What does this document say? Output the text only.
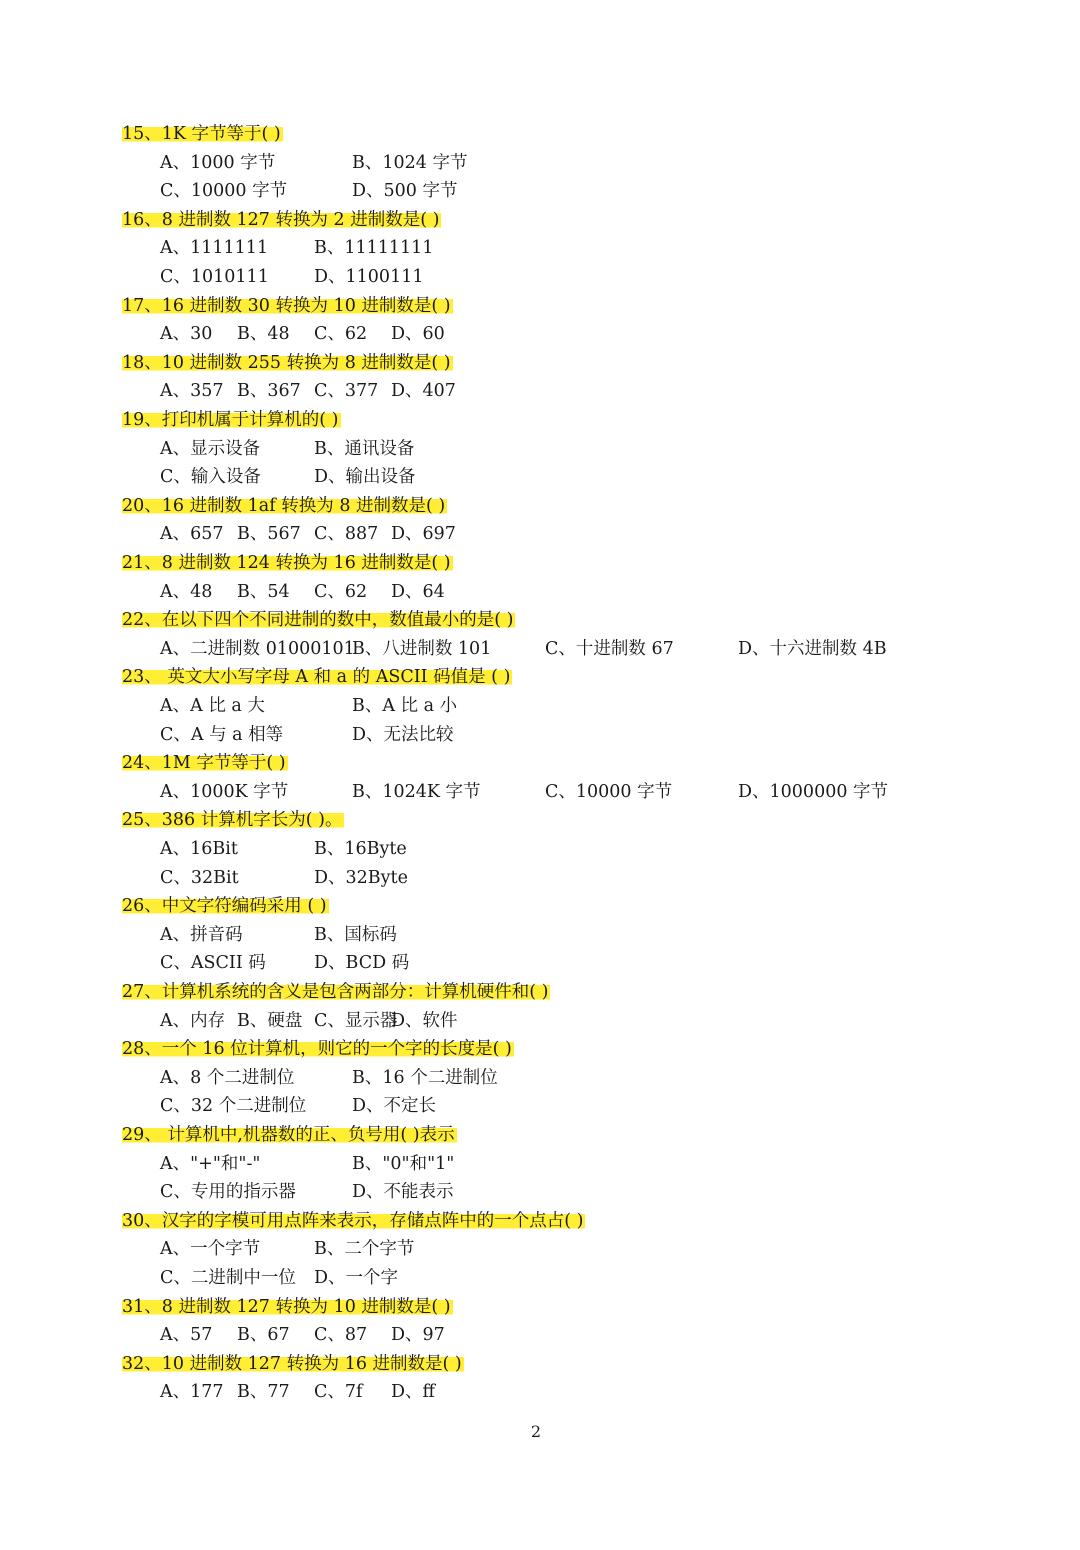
15、1K 字节等于( )
A、1000 字节	B、1024 字节
C、10000 字节	D、500 字节
16、8 进制数 127 转换为 2 进制数是( )
A、1111111	B、11111111
C、1010111	D、1100111
17、16 进制数 30 转换为 10 进制数是( )
A、30 B、48 C、62 D、60
18、10 进制数 255 转换为 8 进制数是( )
A、357 B、367 C、377 D、407
19、打印机属于计算机的( )
A、显示设备	B、通讯设备
C、输入设备	D、输出设备
20、16 进制数 1af 转换为 8 进制数是( )
A、657 B、567 C、887 D、697
21、8 进制数 124 转换为 16 进制数是( )
A、48 B、54 C、62 D、64
22、在以下四个不同进制的数中，数值最小的是( )
A、二进制数 01000101
B、八进制数 101	C、十进制数 67	D、十六进制数 4B
23、 英文大小写字母 A 和 a 的 ASCII 码值是 ( )
A、A 比 a 大	B、A 比 a 小
C、A 与 a 相等	D、无法比较
24、1M 字节等于( )
A、1000K 字节	B、1024K 字节	C、10000 字节	D、1000000 字节
25、386 计算机字长为( )。
A、16Bit	B、16Byte
C、32Bit	D、32Byte
26、中文字符编码采用 ( )
A、拼音码	B、国标码
C、ASCII 码	D、BCD 码
27、计算机系统的含义是包含两部分：计算机硬件和( )
A、内存 B、硬盘 C、显示器
D、软件
28、一个 16 位计算机，则它的一个字的长度是( )
A、8 个二进制位	B、16 个二进制位
C、32 个二进制位	D、不定长
29、 计算机中,机器数的正、负号用( )表示
A、"+"和"-"	B、"0"和"1"
C、专用的指示器	D、不能表示
30、汉字的字模可用点阵来表示，存储点阵中的一个点占( )
A、一个字节	B、二个字节
C、二进制中一位 D、一个字
31、8 进制数 127 转换为 10 进制数是( )
A、57 B、67 C、87 D、97
32、10 进制数 127 转换为 16 进制数是( )
A、177 B、77 C、7f D、ff
2
